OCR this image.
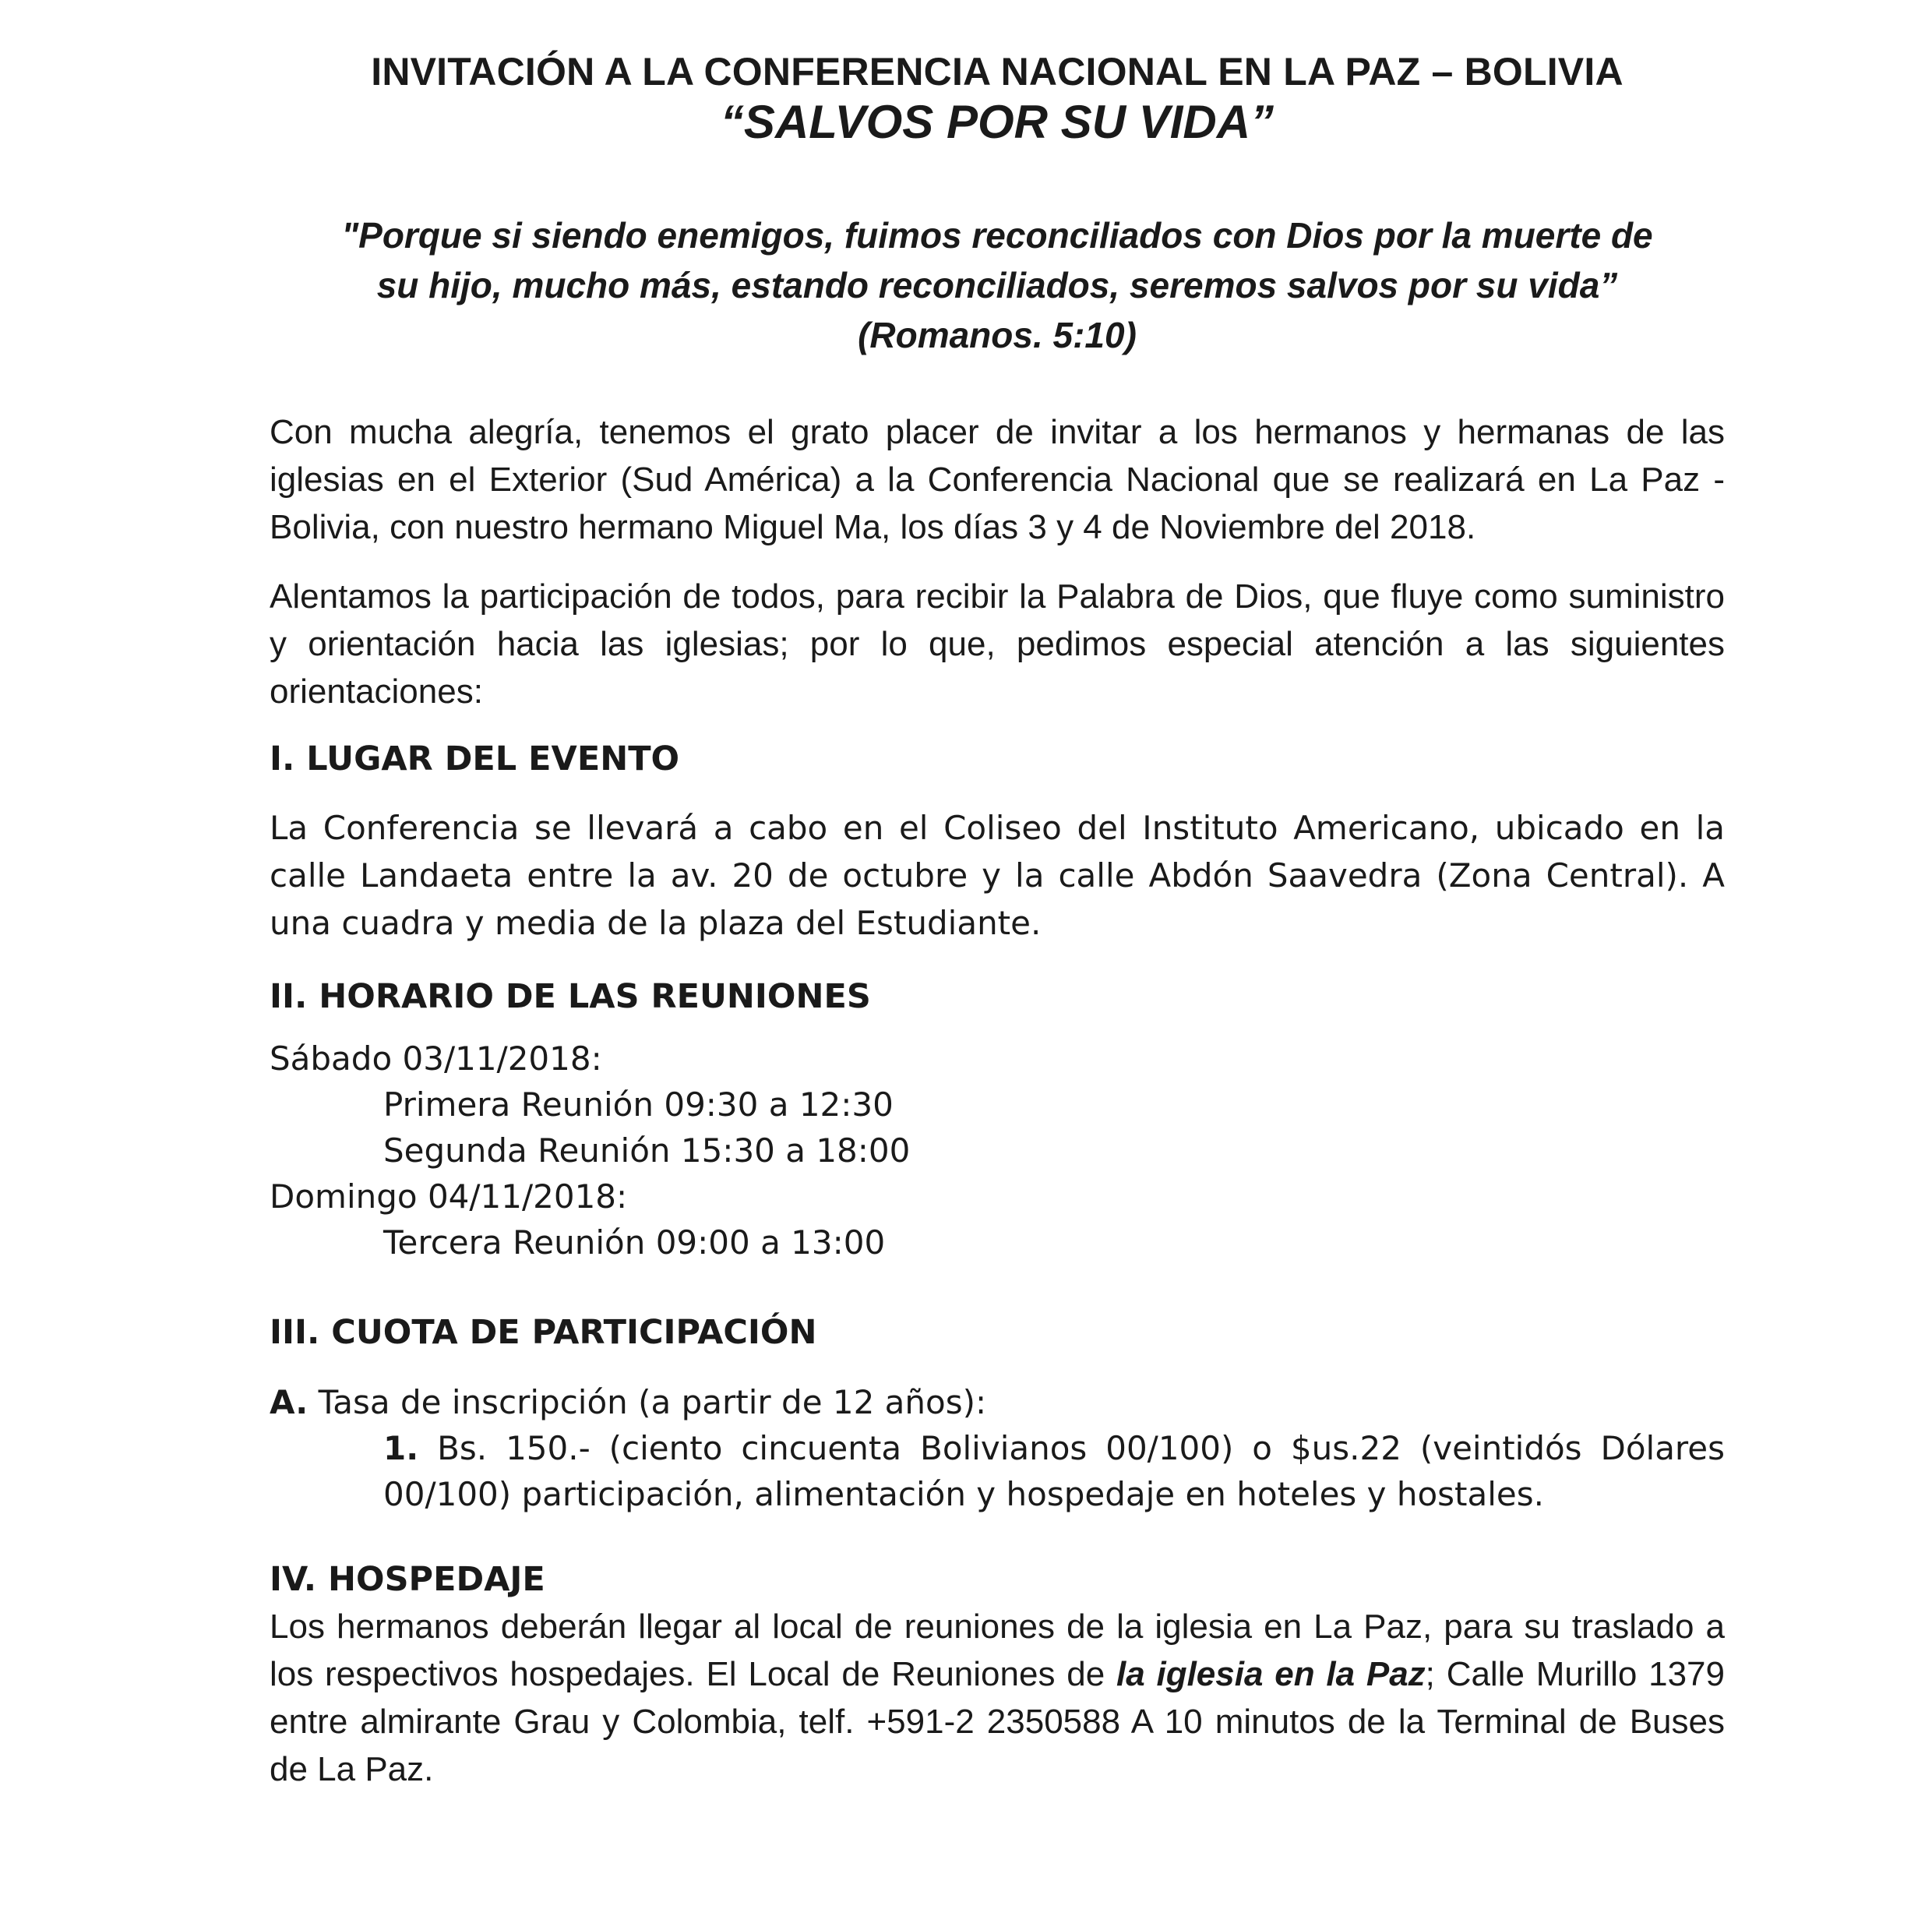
INVITACIÓN A LA CONFERENCIA NACIONAL EN LA PAZ – BOLIVIA
“SALVOS POR SU VIDA”

"Porque si siendo enemigos, fuimos reconciliados con Dios por la muerte de

su hijo, mucho más, estando reconciliados, seremos salvos por su vida”

(Romanos. 5:10)

Con mucha alegría, tenemos el grato placer de invitar a los hermanos y hermanas de las iglesias en el Exterior (Sud América) a la Conferencia Nacional que se realizará en La Paz - Bolivia, con nuestro hermano Miguel Ma, los días 3 y 4 de Noviembre del 2018.

Alentamos la participación de todos, para recibir la Palabra de Dios, que fluye como suministro y orientación hacia las iglesias; por lo que, pedimos especial atención a las siguientes orientaciones:

I. LUGAR DEL EVENTO

La Conferencia se llevará a cabo en el Coliseo del Instituto Americano, ubicado en la calle Landaeta entre la av. 20 de octubre y la calle Abdón Saavedra (Zona Central). A una cuadra y media de la plaza del Estudiante.

II. HORARIO DE LAS REUNIONES

Sábado 03/11/2018:

Primera Reunión 09:30 a 12:30

Segunda Reunión 15:30 a 18:00

Domingo 04/11/2018:

Tercera Reunión 09:00 a 13:00

III. CUOTA DE PARTICIPACIÓN

A. Tasa de inscripción (a partir de 12 años):

1. Bs. 150.- (ciento cincuenta Bolivianos 00/100) o $us.22 (veintidós Dólares 00/100) participación, alimentación y hospedaje en hoteles y hostales.

IV. HOSPEDAJE

Los hermanos deberán llegar al local de reuniones de la iglesia en La Paz, para su traslado a los respectivos hospedajes. El Local de Reuniones de la iglesia en la Paz; Calle Murillo 1379 entre almirante Grau y Colombia, telf. +591-2 2350588 A 10 minutos de la Terminal de Buses de La Paz.
